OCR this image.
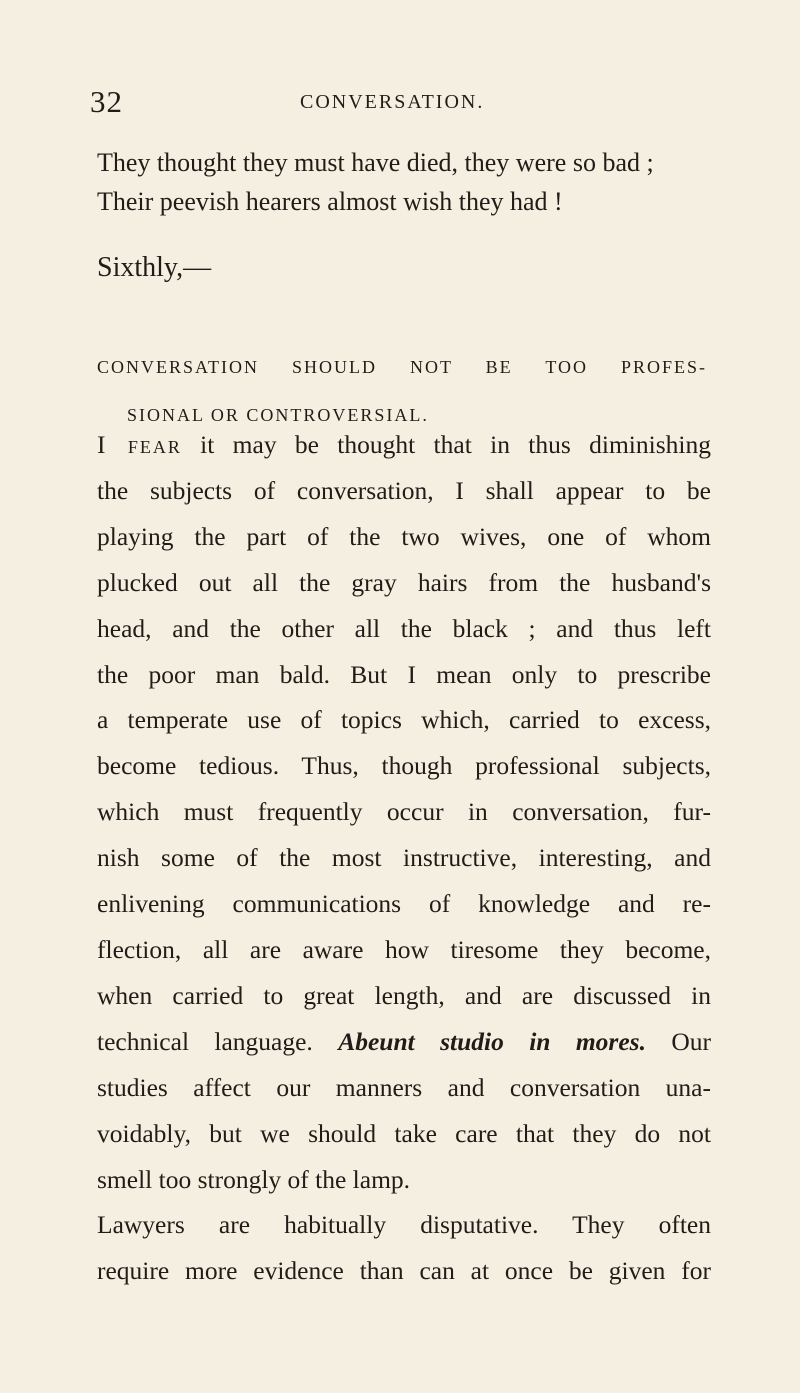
32	CONVERSATION.
They thought they must have died, they were so bad ;
Their peevish hearers almost wish they had !
Sixthly,—
CONVERSATION SHOULD NOT BE TOO PROFES-
SIONAL OR CONTROVERSIAL.
I fear it may be thought that in thus diminishing
the subjects of conversation, I shall appear to be
playing the part of the two wives, one of whom
plucked out all the gray hairs from the husband's
head, and the other all the black ; and thus left
the poor man bald. But I mean only to prescribe
a temperate use of topics which, carried to excess,
become tedious. Thus, though professional subjects,
which must frequently occur in conversation, fur-
nish some of the most instructive, interesting, and
enlivening communications of knowledge and re-
flection, all are aware how tiresome they become,
when carried to great length, and are discussed in
technical language. Abeunt studio in mores. Our
studies affect our manners and conversation una-
voidably, but we should take care that they do not
smell too strongly of the lamp.
Lawyers are habitually disputative. They often
require more evidence than can at once be given for
